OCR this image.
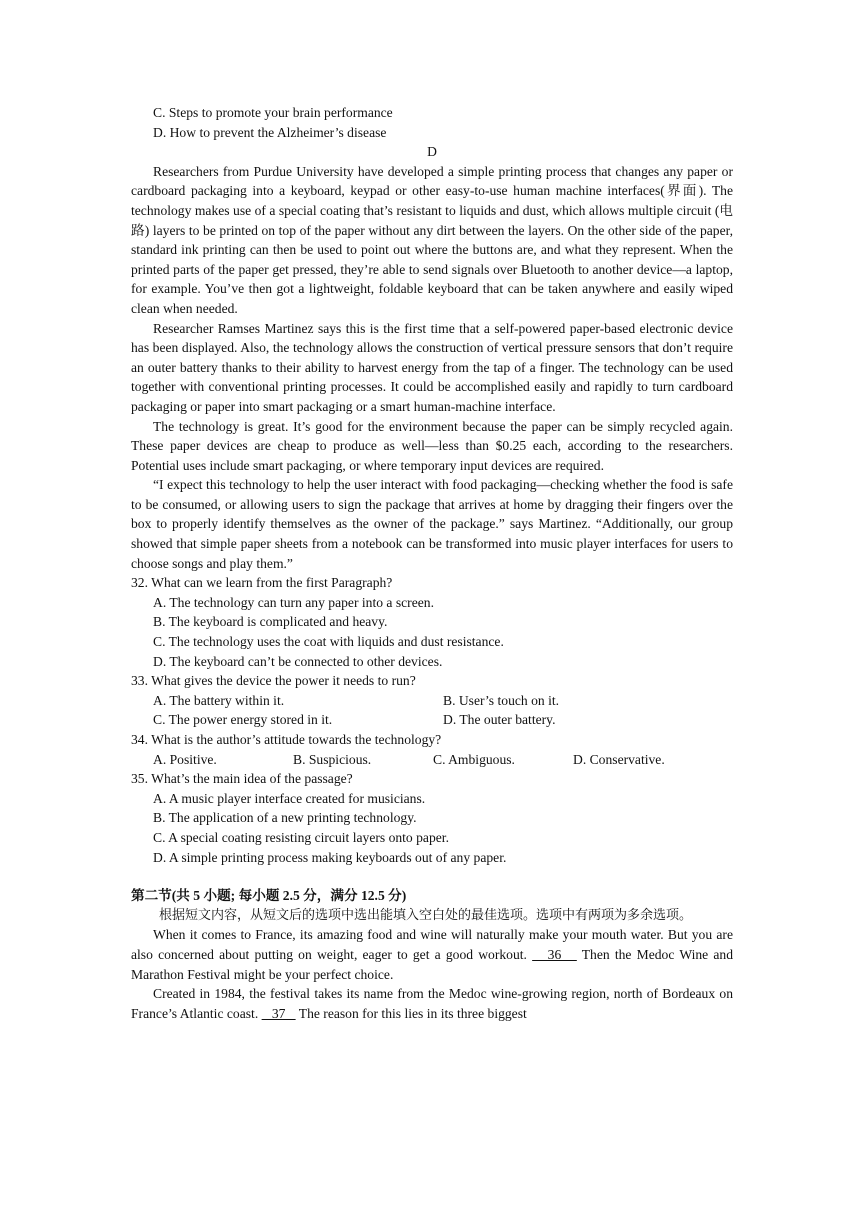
C. Steps to promote your brain performance
D. How to prevent the Alzheimer’s disease
D

Researchers from Purdue University have developed a simple printing process that changes any paper or cardboard packaging into a keyboard, keypad or other easy-to-use human machine interfaces(界面). The technology makes use of a special coating that’s resistant to liquids and dust, which allows multiple circuit (电路) layers to be printed on top of the paper without any dirt between the layers. On the other side of the paper, standard ink printing can then be used to point out where the buttons are, and what they represent. When the printed parts of the paper get pressed, they’re able to send signals over Bluetooth to another device—a laptop, for example. You’ve then got a lightweight, foldable keyboard that can be taken anywhere and easily wiped clean when needed.

Researcher Ramses Martinez says this is the first time that a self-powered paper-based electronic device has been displayed. Also, the technology allows the construction of vertical pressure sensors that don’t require an outer battery thanks to their ability to harvest energy from the tap of a finger. The technology can be used together with conventional printing processes. It could be accomplished easily and rapidly to turn cardboard packaging or paper into smart packaging or a smart human-machine interface.

The technology is great. It’s good for the environment because the paper can be simply recycled again. These paper devices are cheap to produce as well—less than $0.25 each, according to the researchers. Potential uses include smart packaging, or where temporary input devices are required.

“I expect this technology to help the user interact with food packaging—checking whether the food is safe to be consumed, or allowing users to sign the package that arrives at home by dragging their fingers over the box to properly identify themselves as the owner of the package.” says Martinez. “Additionally, our group showed that simple paper sheets from a notebook can be transformed into music player interfaces for users to choose songs and play them.”

32. What can we learn from the first Paragraph?
A. The technology can turn any paper into a screen.
B. The keyboard is complicated and heavy.
C. The technology uses the coat with liquids and dust resistance.
D. The keyboard can’t be connected to other devices.
33. What gives the device the power it needs to run?
A. The battery within it.	B. User’s touch on it.
C. The power energy stored in it.	D. The outer battery.
34. What is the author’s attitude towards the technology?
A. Positive.	B. Suspicious.	C. Ambiguous.	D. Conservative.
35. What’s the main idea of the passage?
A. A music player interface created for musicians.
B. The application of a new printing technology.
C. A special coating resisting circuit layers onto paper.
D. A simple printing process making keyboards out of any paper.
第二节(共 5 小题; 每小题 2.5 分，满分 12.5 分)

根据短文内容，从短文后的选项中选出能填入空白处的最佳选项。选项中有两项为多余选项。

When it comes to France, its amazing food and wine will naturally make your mouth water. But you are also concerned about putting on weight, eager to get a good workout.    36    Then the Medoc Wine and Marathon Festival might be your perfect choice.

Created in 1984, the festival takes its name from the Medoc wine-growing region, north of Bordeaux on France’s Atlantic coast.    37    The reason for this lies in its three biggest
